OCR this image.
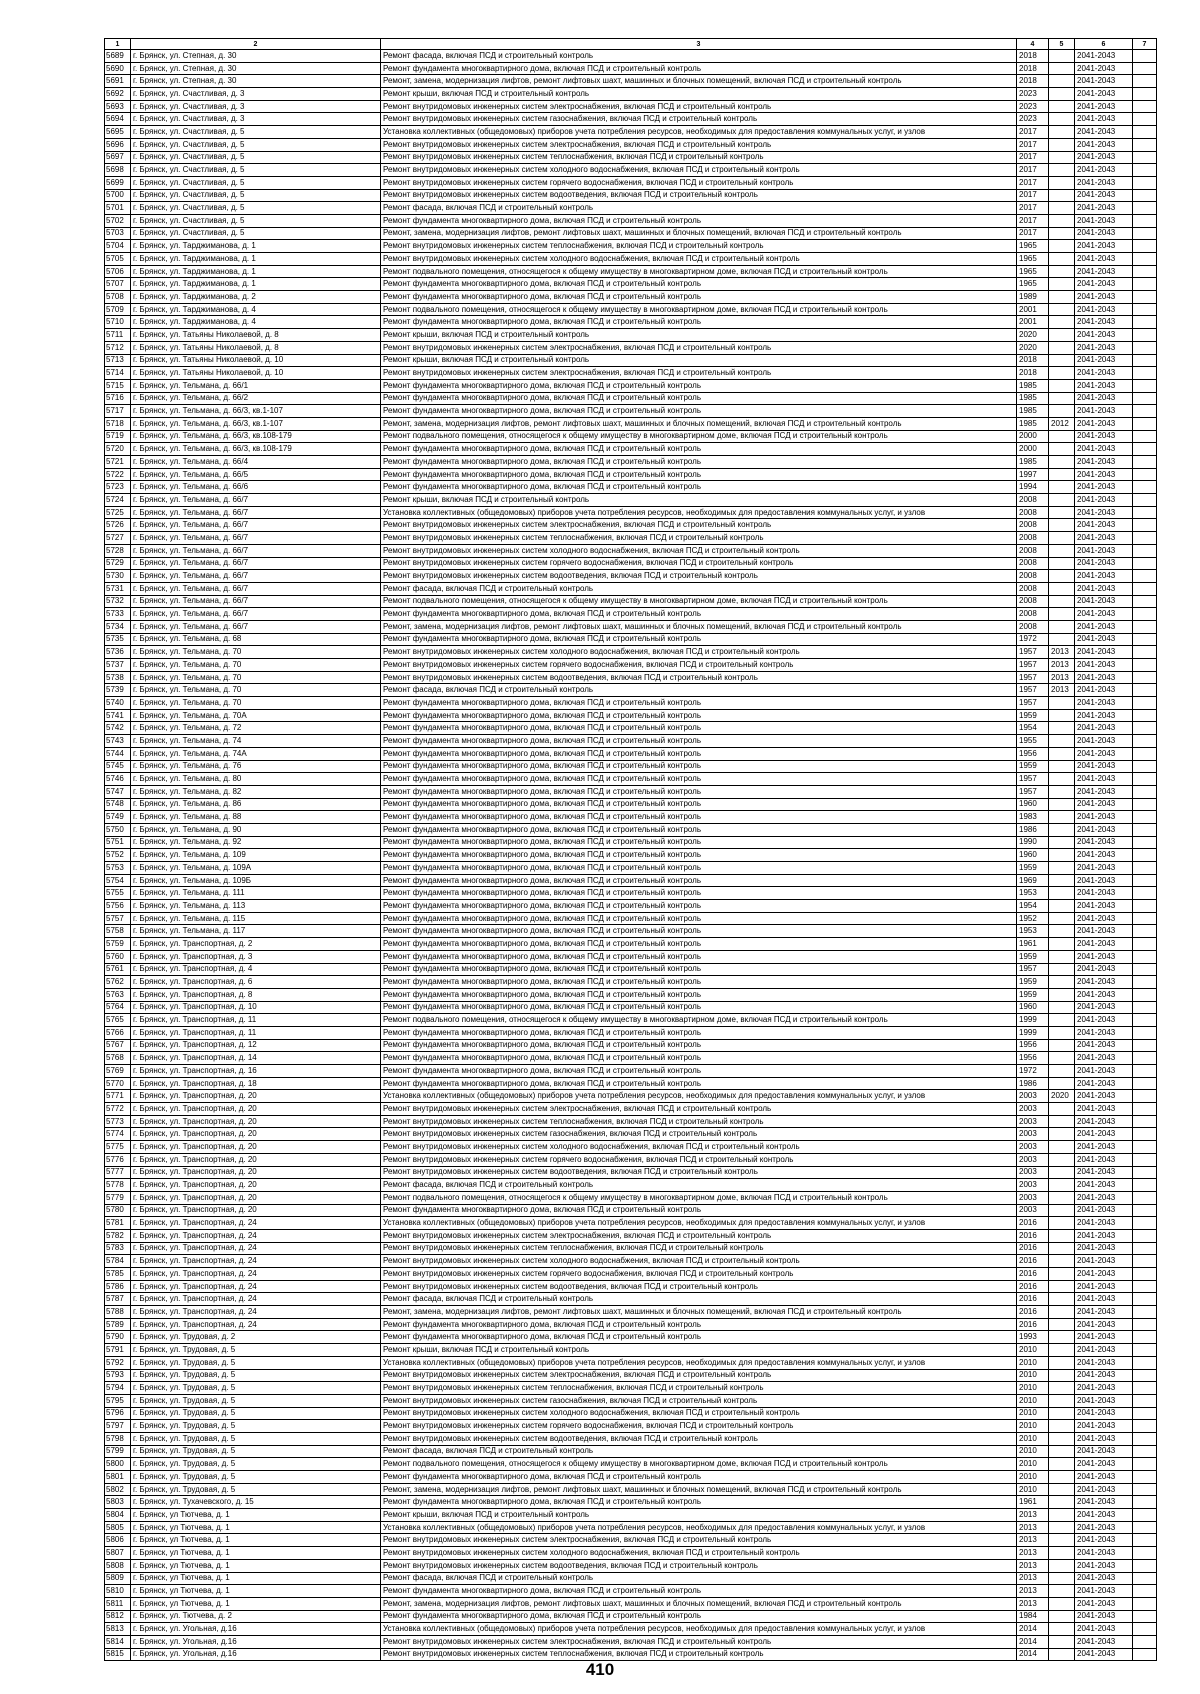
1	2	3	4	5	6	7
5689	г. Брянск, ул. Степная, д. 30	Ремонт фасада, включая ПСД и строительный контроль	2018		2041-2043	
5690	г. Брянск, ул. Степная, д. 30	Ремонт фундамента многоквартирного дома, включая ПСД и строительный контроль	2018		2041-2043	
5691	г. Брянск, ул. Степная, д. 30	Ремонт, замена, модернизация лифтов, ремонт лифтовых шахт, машинных и блочных помещений, включая ПСД и строительный контроль	2018		2041-2043	
5692	г. Брянск, ул. Счастливая, д. 3	Ремонт крыши, включая ПСД и строительный контроль	2023		2041-2043	
5693	г. Брянск, ул. Счастливая, д. 3	Ремонт внутридомовых инженерных систем электроснабжения, включая ПСД и строительный контроль	2023		2041-2043	
5694	г. Брянск, ул. Счастливая, д. 3	Ремонт внутридомовых инженерных систем газоснабжения, включая ПСД и строительный контроль	2023		2041-2043	
5695	г. Брянск, ул. Счастливая, д. 5	Установка коллективных (общедомовых) приборов учета потребления ресурсов, необходимых для предоставления коммунальных услуг, и узлов	2017		2041-2043	
5696	г. Брянск, ул. Счастливая, д. 5	Ремонт внутридомовых инженерных систем электроснабжения, включая ПСД и строительный контроль	2017		2041-2043	
5697	г. Брянск, ул. Счастливая, д. 5	Ремонт внутридомовых инженерных систем теплоснабжения, включая ПСД и строительный контроль	2017		2041-2043	
5698	г. Брянск, ул. Счастливая, д. 5	Ремонт внутридомовых инженерных систем холодного водоснабжения, включая ПСД и строительный контроль	2017		2041-2043	
5699	г. Брянск, ул. Счастливая, д. 5	Ремонт внутридомовых инженерных систем горячего водоснабжения, включая ПСД и строительный контроль	2017		2041-2043	
5700	г. Брянск, ул. Счастливая, д. 5	Ремонт внутридомовых инженерных систем водоотведения, включая ПСД и строительный контроль	2017		2041-2043	
5701	г. Брянск, ул. Счастливая, д. 5	Ремонт фасада, включая ПСД и строительный контроль	2017		2041-2043	
5702	г. Брянск, ул. Счастливая, д. 5	Ремонт фундамента многоквартирного дома, включая ПСД и строительный контроль	2017		2041-2043	
5703	г. Брянск, ул. Счастливая, д. 5	Ремонт, замена, модернизация лифтов, ремонт лифтовых шахт, машинных и блочных помещений, включая ПСД и строительный контроль	2017		2041-2043	
5704	г. Брянск, ул. Тарджиманова, д. 1	Ремонт внутридомовых инженерных систем теплоснабжения, включая ПСД и строительный контроль	1965		2041-2043	
5705	г. Брянск, ул. Тарджиманова, д. 1	Ремонт внутридомовых инженерных систем холодного водоснабжения, включая ПСД и строительный контроль	1965		2041-2043	
5706	г. Брянск, ул. Тарджиманова, д. 1	Ремонт подвального помещения, относящегося к общему имуществу в многоквартирном доме, включая ПСД и строительный контроль	1965		2041-2043	
5707	г. Брянск, ул. Тарджиманова, д. 1	Ремонт фундамента многоквартирного дома, включая ПСД и строительный контроль	1965		2041-2043	
5708	г. Брянск, ул. Тарджиманова, д. 2	Ремонт фундамента многоквартирного дома, включая ПСД и строительный контроль	1989		2041-2043	
5709	г. Брянск, ул. Тарджиманова, д. 4	Ремонт подвального помещения, относящегося к общему имуществу в многоквартирном доме, включая ПСД и строительный контроль	2001		2041-2043	
5710	г. Брянск, ул. Тарджиманова, д. 4	Ремонт фундамента многоквартирного дома, включая ПСД и строительный контроль	2001		2041-2043	
5711	г. Брянск, ул. Татьяны Николаевой, д. 8	Ремонт крыши, включая ПСД и строительный контроль	2020		2041-2043	
5712	г. Брянск, ул. Татьяны Николаевой, д. 8	Ремонт внутридомовых инженерных систем электроснабжения, включая ПСД и строительный контроль	2020		2041-2043	
5713	г. Брянск, ул. Татьяны Николаевой, д. 10	Ремонт крыши, включая ПСД и строительный контроль	2018		2041-2043	
5714	г. Брянск, ул. Татьяны Николаевой, д. 10	Ремонт внутридомовых инженерных систем электроснабжения, включая ПСД и строительный контроль	2018		2041-2043	
5715	г. Брянск, ул. Тельмана, д. 66/1	Ремонт фундамента многоквартирного дома, включая ПСД и строительный контроль	1985		2041-2043	
5716	г. Брянск, ул. Тельмана, д. 66/2	Ремонт фундамента многоквартирного дома, включая ПСД и строительный контроль	1985		2041-2043	
5717	г. Брянск, ул. Тельмана, д. 66/3, кв.1-107	Ремонт фундамента многоквартирного дома, включая ПСД и строительный контроль	1985		2041-2043	
5718	г. Брянск, ул. Тельмана, д. 66/3, кв.1-107	Ремонт, замена, модернизация лифтов, ремонт лифтовых шахт, машинных и блочных помещений, включая ПСД и строительный контроль	1985	2012	2041-2043	
5719	г. Брянск, ул. Тельмана, д. 66/3, кв.108-179	Ремонт подвального помещения, относящегося к общему имуществу в многоквартирном доме, включая ПСД и строительный контроль	2000		2041-2043	
5720	г. Брянск, ул. Тельмана, д. 66/3, кв.108-179	Ремонт фундамента многоквартирного дома, включая ПСД и строительный контроль	2000		2041-2043	
5721	г. Брянск, ул. Тельмана, д. 66/4	Ремонт фундамента многоквартирного дома, включая ПСД и строительный контроль	1985		2041-2043	
5722	г. Брянск, ул. Тельмана, д. 66/5	Ремонт фундамента многоквартирного дома, включая ПСД и строительный контроль	1997		2041-2043	
5723	г. Брянск, ул. Тельмана, д. 66/6	Ремонт фундамента многоквартирного дома, включая ПСД и строительный контроль	1994		2041-2043	
5724	г. Брянск, ул. Тельмана, д. 66/7	Ремонт крыши, включая ПСД и строительный контроль	2008		2041-2043	
5725	г. Брянск, ул. Тельмана, д. 66/7	Установка коллективных (общедомовых) приборов учета потребления ресурсов, необходимых для предоставления коммунальных услуг, и узлов	2008		2041-2043	
5726	г. Брянск, ул. Тельмана, д. 66/7	Ремонт внутридомовых инженерных систем электроснабжения, включая ПСД и строительный контроль	2008		2041-2043	
5727	г. Брянск, ул. Тельмана, д. 66/7	Ремонт внутридомовых инженерных систем теплоснабжения, включая ПСД и строительный контроль	2008		2041-2043	
5728	г. Брянск, ул. Тельмана, д. 66/7	Ремонт внутридомовых инженерных систем холодного водоснабжения, включая ПСД и строительный контроль	2008		2041-2043	
5729	г. Брянск, ул. Тельмана, д. 66/7	Ремонт внутридомовых инженерных систем горячего водоснабжения, включая ПСД и строительный контроль	2008		2041-2043	
5730	г. Брянск, ул. Тельмана, д. 66/7	Ремонт внутридомовых инженерных систем водоотведения, включая ПСД и строительный контроль	2008		2041-2043	
5731	г. Брянск, ул. Тельмана, д. 66/7	Ремонт фасада, включая ПСД и строительный контроль	2008		2041-2043	
5732	г. Брянск, ул. Тельмана, д. 66/7	Ремонт подвального помещения, относящегося к общему имуществу в многоквартирном доме, включая ПСД и строительный контроль	2008		2041-2043	
5733	г. Брянск, ул. Тельмана, д. 66/7	Ремонт фундамента многоквартирного дома, включая ПСД и строительный контроль	2008		2041-2043	
5734	г. Брянск, ул. Тельмана, д. 66/7	Ремонт, замена, модернизация лифтов, ремонт лифтовых шахт, машинных и блочных помещений, включая ПСД и строительный контроль	2008		2041-2043	
5735	г. Брянск, ул. Тельмана, д. 68	Ремонт фундамента многоквартирного дома, включая ПСД и строительный контроль	1972		2041-2043	
5736	г. Брянск, ул. Тельмана, д. 70	Ремонт внутридомовых инженерных систем холодного водоснабжения, включая ПСД и строительный контроль	1957	2013	2041-2043	
5737	г. Брянск, ул. Тельмана, д. 70	Ремонт внутридомовых инженерных систем горячего водоснабжения, включая ПСД и строительный контроль	1957	2013	2041-2043	
5738	г. Брянск, ул. Тельмана, д. 70	Ремонт внутридомовых инженерных систем водоотведения, включая ПСД и строительный контроль	1957	2013	2041-2043	
5739	г. Брянск, ул. Тельмана, д. 70	Ремонт фасада, включая ПСД и строительный контроль	1957	2013	2041-2043	
5740	г. Брянск, ул. Тельмана, д. 70	Ремонт фундамента многоквартирного дома, включая ПСД и строительный контроль	1957		2041-2043	
5741	г. Брянск, ул. Тельмана, д. 70А	Ремонт фундамента многоквартирного дома, включая ПСД и строительный контроль	1959		2041-2043	
5742	г. Брянск, ул. Тельмана, д. 72	Ремонт фундамента многоквартирного дома, включая ПСД и строительный контроль	1954		2041-2043	
5743	г. Брянск, ул. Тельмана, д. 74	Ремонт фундамента многоквартирного дома, включая ПСД и строительный контроль	1955		2041-2043	
5744	г. Брянск, ул. Тельмана, д. 74А	Ремонт фундамента многоквартирного дома, включая ПСД и строительный контроль	1956		2041-2043	
5745	г. Брянск, ул. Тельмана, д. 76	Ремонт фундамента многоквартирного дома, включая ПСД и строительный контроль	1959		2041-2043	
5746	г. Брянск, ул. Тельмана, д. 80	Ремонт фундамента многоквартирного дома, включая ПСД и строительный контроль	1957		2041-2043	
5747	г. Брянск, ул. Тельмана, д. 82	Ремонт фундамента многоквартирного дома, включая ПСД и строительный контроль	1957		2041-2043	
5748	г. Брянск, ул. Тельмана, д. 86	Ремонт фундамента многоквартирного дома, включая ПСД и строительный контроль	1960		2041-2043	
5749	г. Брянск, ул. Тельмана, д. 88	Ремонт фундамента многоквартирного дома, включая ПСД и строительный контроль	1983		2041-2043	
5750	г. Брянск, ул. Тельмана, д. 90	Ремонт фундамента многоквартирного дома, включая ПСД и строительный контроль	1986		2041-2043	
5751	г. Брянск, ул. Тельмана, д. 92	Ремонт фундамента многоквартирного дома, включая ПСД и строительный контроль	1990		2041-2043	
5752	г. Брянск, ул. Тельмана, д. 109	Ремонт фундамента многоквартирного дома, включая ПСД и строительный контроль	1960		2041-2043	
5753	г. Брянск, ул. Тельмана, д. 109А	Ремонт фундамента многоквартирного дома, включая ПСД и строительный контроль	1959		2041-2043	
5754	г. Брянск, ул. Тельмана, д. 109Б	Ремонт фундамента многоквартирного дома, включая ПСД и строительный контроль	1969		2041-2043	
5755	г. Брянск, ул. Тельмана, д. 111	Ремонт фундамента многоквартирного дома, включая ПСД и строительный контроль	1953		2041-2043	
5756	г. Брянск, ул. Тельмана, д. 113	Ремонт фундамента многоквартирного дома, включая ПСД и строительный контроль	1954		2041-2043	
5757	г. Брянск, ул. Тельмана, д. 115	Ремонт фундамента многоквартирного дома, включая ПСД и строительный контроль	1952		2041-2043	
5758	г. Брянск, ул. Тельмана, д. 117	Ремонт фундамента многоквартирного дома, включая ПСД и строительный контроль	1953		2041-2043	
5759	г. Брянск, ул. Транспортная, д. 2	Ремонт фундамента многоквартирного дома, включая ПСД и строительный контроль	1961		2041-2043	
5760	г. Брянск, ул. Транспортная, д. 3	Ремонт фундамента многоквартирного дома, включая ПСД и строительный контроль	1959		2041-2043	
5761	г. Брянск, ул. Транспортная, д. 4	Ремонт фундамента многоквартирного дома, включая ПСД и строительный контроль	1957		2041-2043	
5762	г. Брянск, ул. Транспортная, д. 6	Ремонт фундамента многоквартирного дома, включая ПСД и строительный контроль	1959		2041-2043	
5763	г. Брянск, ул. Транспортная, д. 8	Ремонт фундамента многоквартирного дома, включая ПСД и строительный контроль	1959		2041-2043	
5764	г. Брянск, ул. Транспортная, д. 10	Ремонт фундамента многоквартирного дома, включая ПСД и строительный контроль	1960		2041-2043	
5765	г. Брянск, ул. Транспортная, д. 11	Ремонт подвального помещения, относящегося к общему имуществу в многоквартирном доме, включая ПСД и строительный контроль	1999		2041-2043	
5766	г. Брянск, ул. Транспортная, д. 11	Ремонт фундамента многоквартирного дома, включая ПСД и строительный контроль	1999		2041-2043	
5767	г. Брянск, ул. Транспортная, д. 12	Ремонт фундамента многоквартирного дома, включая ПСД и строительный контроль	1956		2041-2043	
5768	г. Брянск, ул. Транспортная, д. 14	Ремонт фундамента многоквартирного дома, включая ПСД и строительный контроль	1956		2041-2043	
5769	г. Брянск, ул. Транспортная, д. 16	Ремонт фундамента многоквартирного дома, включая ПСД и строительный контроль	1972		2041-2043	
5770	г. Брянск, ул. Транспортная, д. 18	Ремонт фундамента многоквартирного дома, включая ПСД и строительный контроль	1986		2041-2043	
5771	г. Брянск, ул. Транспортная, д. 20	Установка коллективных (общедомовых) приборов учета потребления ресурсов, необходимых для предоставления коммунальных услуг, и узлов	2003	2020	2041-2043	
5772	г. Брянск, ул. Транспортная, д. 20	Ремонт внутридомовых инженерных систем электроснабжения, включая ПСД и строительный контроль	2003		2041-2043	
5773	г. Брянск, ул. Транспортная, д. 20	Ремонт внутридомовых инженерных систем теплоснабжения, включая ПСД и строительный контроль	2003		2041-2043	
5774	г. Брянск, ул. Транспортная, д. 20	Ремонт внутридомовых инженерных систем газоснабжения, включая ПСД и строительный контроль	2003		2041-2043	
5775	г. Брянск, ул. Транспортная, д. 20	Ремонт внутридомовых инженерных систем холодного водоснабжения, включая ПСД и строительный контроль	2003		2041-2043	
5776	г. Брянск, ул. Транспортная, д. 20	Ремонт внутридомовых инженерных систем горячего водоснабжения, включая ПСД и строительный контроль	2003		2041-2043	
5777	г. Брянск, ул. Транспортная, д. 20	Ремонт внутридомовых инженерных систем водоотведения, включая ПСД и строительный контроль	2003		2041-2043	
5778	г. Брянск, ул. Транспортная, д. 20	Ремонт фасада, включая ПСД и строительный контроль	2003		2041-2043	
5779	г. Брянск, ул. Транспортная, д. 20	Ремонт подвального помещения, относящегося к общему имуществу в многоквартирном доме, включая ПСД и строительный контроль	2003		2041-2043	
5780	г. Брянск, ул. Транспортная, д. 20	Ремонт фундамента многоквартирного дома, включая ПСД и строительный контроль	2003		2041-2043	
5781	г. Брянск, ул. Транспортная, д. 24	Установка коллективных (общедомовых) приборов учета потребления ресурсов, необходимых для предоставления коммунальных услуг, и узлов	2016		2041-2043	
5782	г. Брянск, ул. Транспортная, д. 24	Ремонт внутридомовых инженерных систем электроснабжения, включая ПСД и строительный контроль	2016		2041-2043	
5783	г. Брянск, ул. Транспортная, д. 24	Ремонт внутридомовых инженерных систем теплоснабжения, включая ПСД и строительный контроль	2016		2041-2043	
5784	г. Брянск, ул. Транспортная, д. 24	Ремонт внутридомовых инженерных систем холодного водоснабжения, включая ПСД и строительный контроль	2016		2041-2043	
5785	г. Брянск, ул. Транспортная, д. 24	Ремонт внутридомовых инженерных систем горячего водоснабжения, включая ПСД и строительный контроль	2016		2041-2043	
5786	г. Брянск, ул. Транспортная, д. 24	Ремонт внутридомовых инженерных систем водоотведения, включая ПСД и строительный контроль	2016		2041-2043	
5787	г. Брянск, ул. Транспортная, д. 24	Ремонт фасада, включая ПСД и строительный контроль	2016		2041-2043	
5788	г. Брянск, ул. Транспортная, д. 24	Ремонт, замена, модернизация лифтов, ремонт лифтовых шахт, машинных и блочных помещений, включая ПСД и строительный контроль	2016		2041-2043	
5789	г. Брянск, ул. Транспортная, д. 24	Ремонт фундамента многоквартирного дома, включая ПСД и строительный контроль	2016		2041-2043	
5790	г. Брянск, ул. Трудовая, д. 2	Ремонт фундамента многоквартирного дома, включая ПСД и строительный контроль	1993		2041-2043	
5791	г. Брянск, ул. Трудовая, д. 5	Ремонт крыши, включая ПСД и строительный контроль	2010		2041-2043	
5792	г. Брянск, ул. Трудовая, д. 5	Установка коллективных (общедомовых) приборов учета потребления ресурсов, необходимых для предоставления коммунальных услуг, и узлов	2010		2041-2043	
5793	г. Брянск, ул. Трудовая, д. 5	Ремонт внутридомовых инженерных систем электроснабжения, включая ПСД и строительный контроль	2010		2041-2043	
5794	г. Брянск, ул. Трудовая, д. 5	Ремонт внутридомовых инженерных систем теплоснабжения, включая ПСД и строительный контроль	2010		2041-2043	
5795	г. Брянск, ул. Трудовая, д. 5	Ремонт внутридомовых инженерных систем газоснабжения, включая ПСД и строительный контроль	2010		2041-2043	
5796	г. Брянск, ул. Трудовая, д. 5	Ремонт внутридомовых инженерных систем холодного водоснабжения, включая ПСД и строительный контроль	2010		2041-2043	
5797	г. Брянск, ул. Трудовая, д. 5	Ремонт внутридомовых инженерных систем горячего водоснабжения, включая ПСД и строительный контроль	2010		2041-2043	
5798	г. Брянск, ул. Трудовая, д. 5	Ремонт внутридомовых инженерных систем водоотведения, включая ПСД и строительный контроль	2010		2041-2043	
5799	г. Брянск, ул. Трудовая, д. 5	Ремонт фасада, включая ПСД и строительный контроль	2010		2041-2043	
5800	г. Брянск, ул. Трудовая, д. 5	Ремонт подвального помещения, относящегося к общему имуществу в многоквартирном доме, включая ПСД и строительный контроль	2010		2041-2043	
5801	г. Брянск, ул. Трудовая, д. 5	Ремонт фундамента многоквартирного дома, включая ПСД и строительный контроль	2010		2041-2043	
5802	г. Брянск, ул. Трудовая, д. 5	Ремонт, замена, модернизация лифтов, ремонт лифтовых шахт, машинных и блочных помещений, включая ПСД и строительный контроль	2010		2041-2043	
5803	г. Брянск, ул. Тухачевского, д. 15	Ремонт фундамента многоквартирного дома, включая ПСД и строительный контроль	1961		2041-2043	
5804	г. Брянск, ул Тютчева, д. 1	Ремонт крыши, включая ПСД и строительный контроль	2013		2041-2043	
5805	г. Брянск, ул Тютчева, д. 1	Установка коллективных (общедомовых) приборов учета потребления ресурсов, необходимых для предоставления коммунальных услуг, и узлов	2013		2041-2043	
5806	г. Брянск, ул Тютчева, д. 1	Ремонт внутридомовых инженерных систем электроснабжения, включая ПСД и строительный контроль	2013		2041-2043	
5807	г. Брянск, ул Тютчева, д. 1	Ремонт внутридомовых инженерных систем холодного водоснабжения, включая ПСД и строительный контроль	2013		2041-2043	
5808	г. Брянск, ул Тютчева, д. 1	Ремонт внутридомовых инженерных систем водоотведения, включая ПСД и строительный контроль	2013		2041-2043	
5809	г. Брянск, ул Тютчева, д. 1	Ремонт фасада, включая ПСД и строительный контроль	2013		2041-2043	
5810	г. Брянск, ул Тютчева, д. 1	Ремонт фундамента многоквартирного дома, включая ПСД и строительный контроль	2013		2041-2043	
5811	г. Брянск, ул Тютчева, д. 1	Ремонт, замена, модернизация лифтов, ремонт лифтовых шахт, машинных и блочных помещений, включая ПСД и строительный контроль	2013		2041-2043	
5812	г. Брянск, ул. Тютчева, д. 2	Ремонт фундамента многоквартирного дома, включая ПСД и строительный контроль	1984		2041-2043	
5813	г. Брянск, ул. Угольная, д.16	Установка коллективных (общедомовых) приборов учета потребления ресурсов, необходимых для предоставления коммунальных услуг, и узлов	2014		2041-2043	
5814	г. Брянск, ул. Угольная, д.16	Ремонт внутридомовых инженерных систем электроснабжения, включая ПСД и строительный контроль	2014		2041-2043	
5815	г. Брянск, ул. Угольная, д.16	Ремонт внутридомовых инженерных систем теплоснабжения, включая ПСД и строительный контроль	2014		2041-2043	
410
